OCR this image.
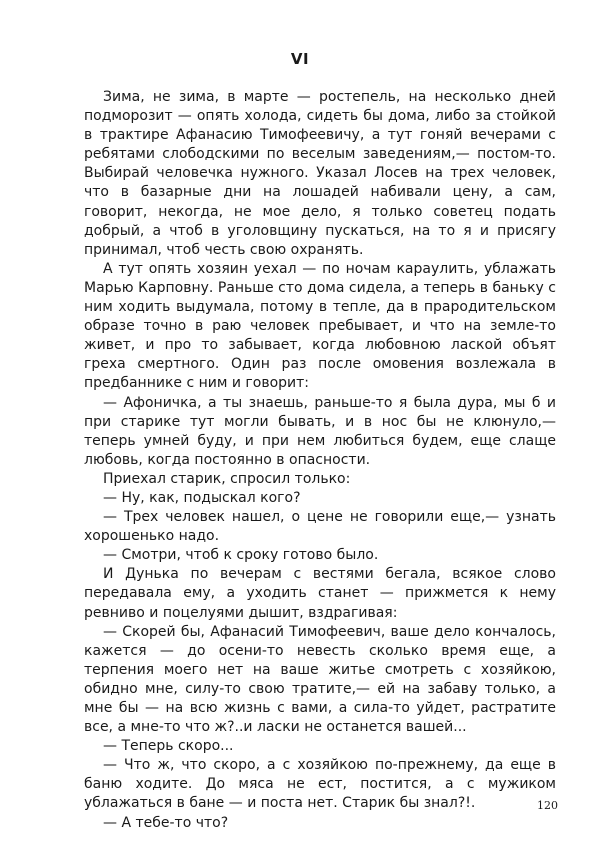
VI

Зима, не зима, в марте — ростепель, на несколько дней подморозит — опять холода, сидеть бы дома, либо за стойкой в трактире Афанасию Тимофеевичу, а тут гоняй вечерами с ребятами слободскими по веселым заведениям,— постом-то. Выбирай человечка нужного. Указал Лосев на трех человек, что в базарные дни на лошадей набивали цену, а сам, говорит, некогда, не мое дело, я только советец подать добрый, а чтоб в уголовщину пускаться, на то я и присягу принимал, чтоб честь свою охранять.

А тут опять хозяин уехал — по ночам караулить, ублажать Марью Карповну. Раньше сто дома сидела, а теперь в баньку с ним ходить выдумала, потому в тепле, да в прародительском образе точно в раю человек пребывает, и что на земле-то живет, и про то забывает, когда любовною лаской объят греха смертного. Один раз после омовения возлежала в предбаннике с ним и говорит:

— Афоничка, а ты знаешь, раньше-то я была дура, мы б и при старике тут могли бывать, и в нос бы не клюнуло,— теперь умней буду, и при нем любиться будем, еще слаще любовь, когда постоянно в опасности.

Приехал старик, спросил только:

— Ну, как, подыскал кого?

— Трех человек нашел, о цене не говорили еще,— узнать хорошенько надо.

— Смотри, чтоб к сроку готово было.

И Дунька по вечерам с вестями бегала, всякое слово передавала ему, а уходить станет — прижмется к нему ревниво и поцелуями дышит, вздрагивая:

— Скорей бы, Афанасий Тимофеевич, ваше дело кончалось, кажется — до осени-то невесть сколько время еще, а терпения моего нет на ваше житье смотреть с хозяйкою, обидно мне, силу-то свою тратите,— ей на забаву только, а мне бы — на всю жизнь с вами, а сила-то уйдет, растратите все, а мне-то что ж?..и ласки не останется вашей...

— Теперь скоро...

— Что ж, что скоро, а с хозяйкою по-прежнему, да еще в баню ходите. До мяса не ест, постится, а с мужиком ублажаться в бане — и поста нет. Старик бы знал?!.

— А тебе-то что?

120
